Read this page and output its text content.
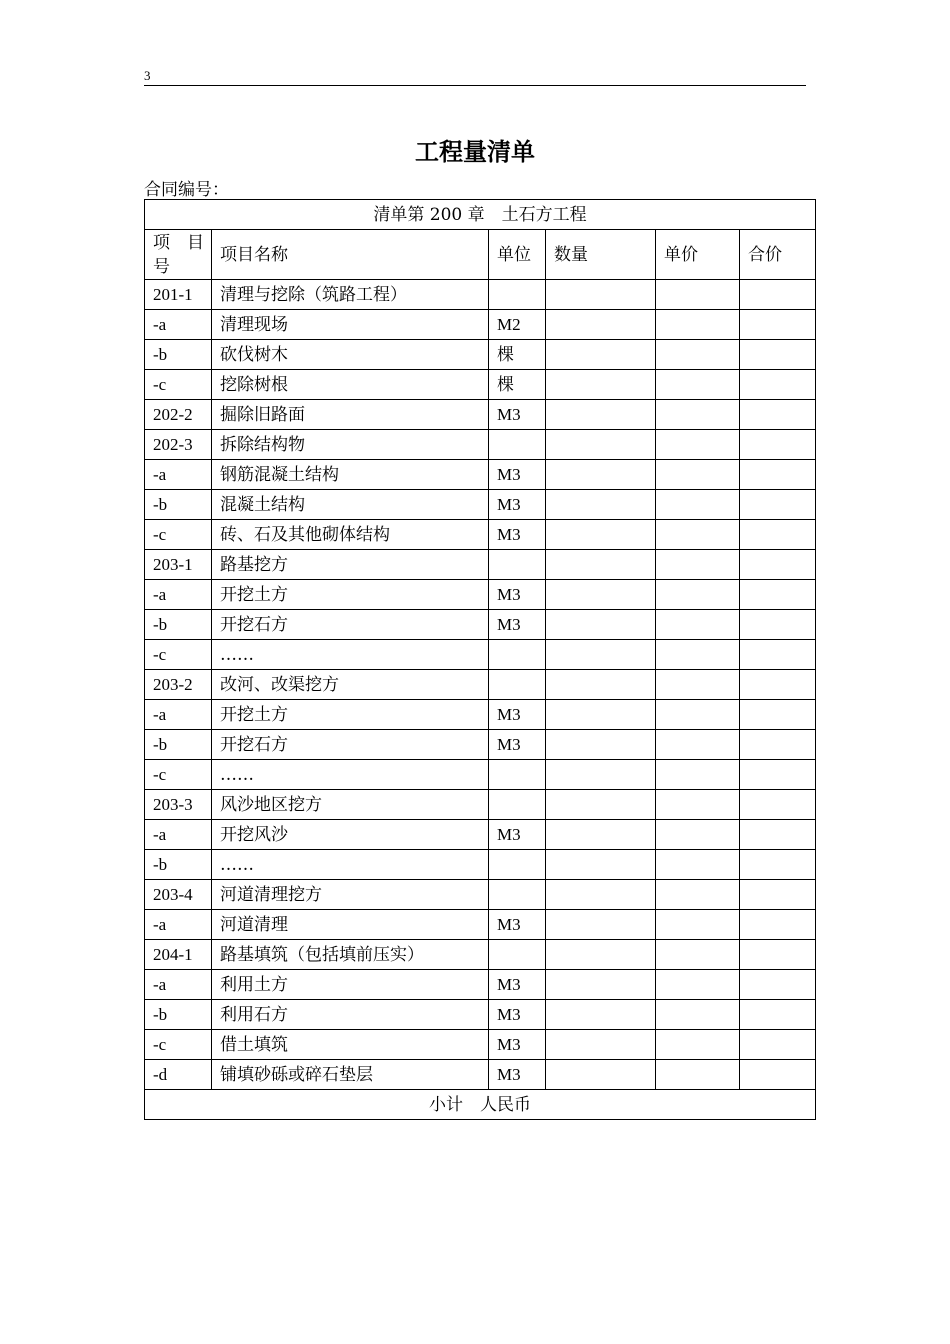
3
工程量清单
合同编号：
清单第 200 章　土石方工程					
项　目号	项目名称	单位	数量	单价	合价
201-1	清理与挖除（筑路工程）				
-a	清理现场	M2			
-b	砍伐树木	棵			
-c	挖除树根	棵			
202-2	掘除旧路面	M3			
202-3	拆除结构物				
-a	钢筋混凝土结构	M3			
-b	混凝土结构	M3			
-c	砖、石及其他砌体结构	M3			
203-1	路基挖方				
-a	开挖土方	M3			
-b	开挖石方	M3			
-c	……				
203-2	改河、改渠挖方				
-a	开挖土方	M3			
-b	开挖石方	M3			
-c	……				
203-3	风沙地区挖方				
-a	开挖风沙	M3			
-b	……				
203-4	河道清理挖方				
-a	河道清理	M3			
204-1	路基填筑（包括填前压实）				
-a	利用土方	M3			
-b	利用石方	M3			
-c	借土填筑	M3			
-d	铺填砂砾或碎石垫层	M3			
小计　人民币					
